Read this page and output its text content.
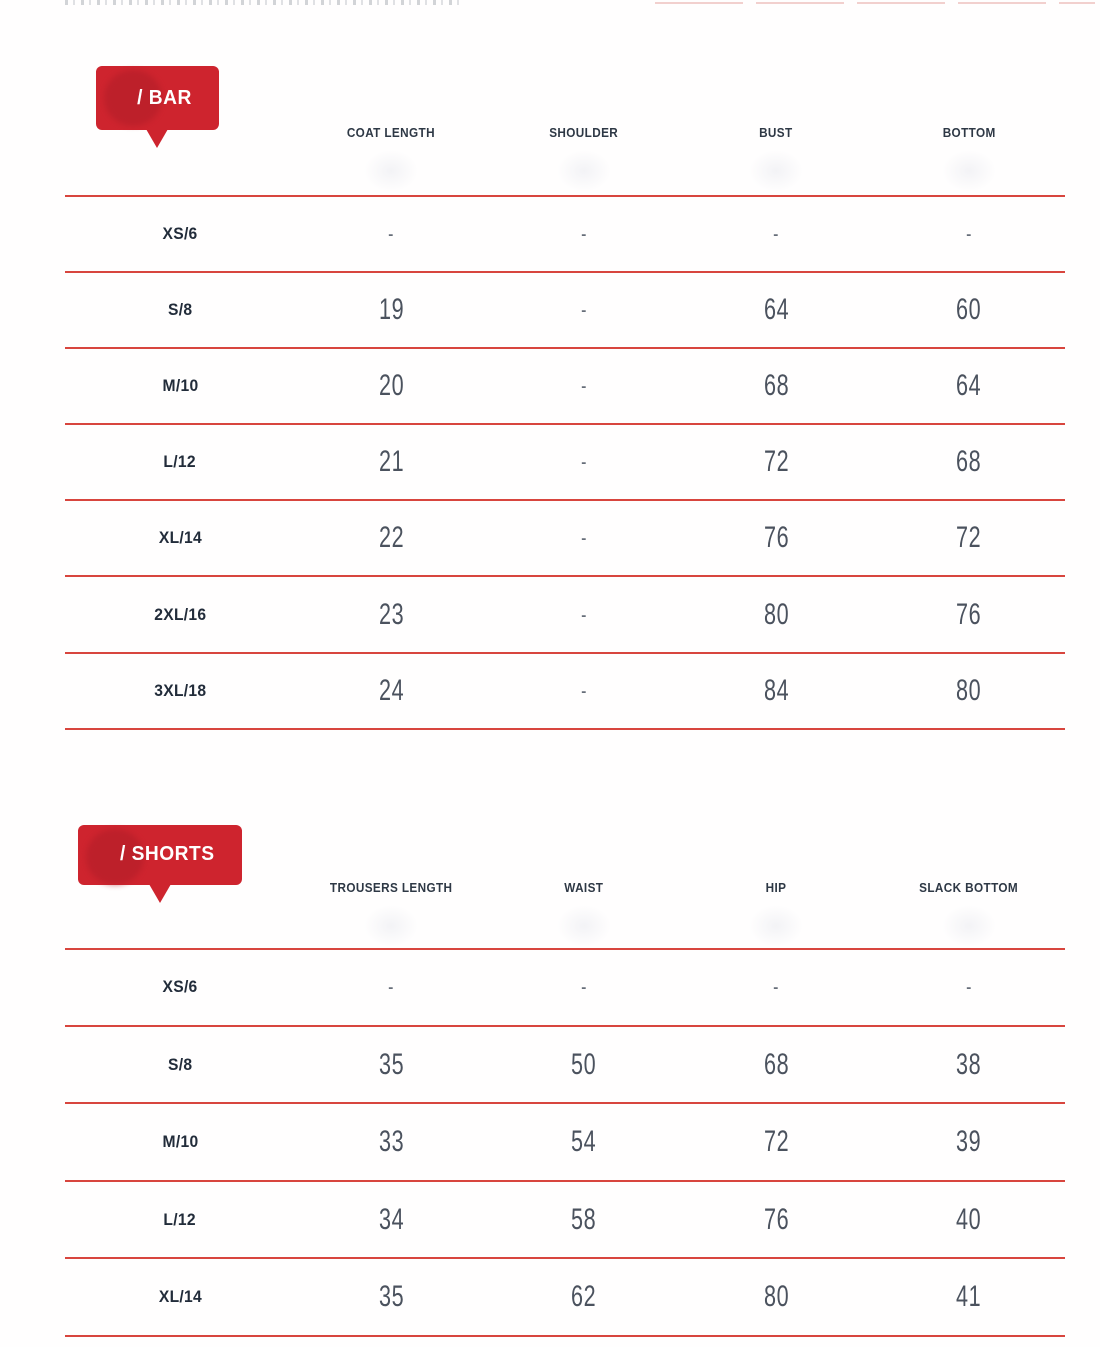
/ BAR
COAT LENGTH	SHOULDER	BUST	BOTTOM
XS/6	-	-	-	-
S/8	19	-	64	60
M/10	20	-	68	64
L/12	21	-	72	68
XL/14	22	-	76	72
2XL/16	23	-	80	76
3XL/18	24	-	84	80
/ SHORTS
TROUSERS LENGTH	WAIST	HIP	SLACK BOTTOM
XS/6	-	-	-	-
S/8	35	50	68	38
M/10	33	54	72	39
L/12	34	58	76	40
XL/14	35	62	80	41
